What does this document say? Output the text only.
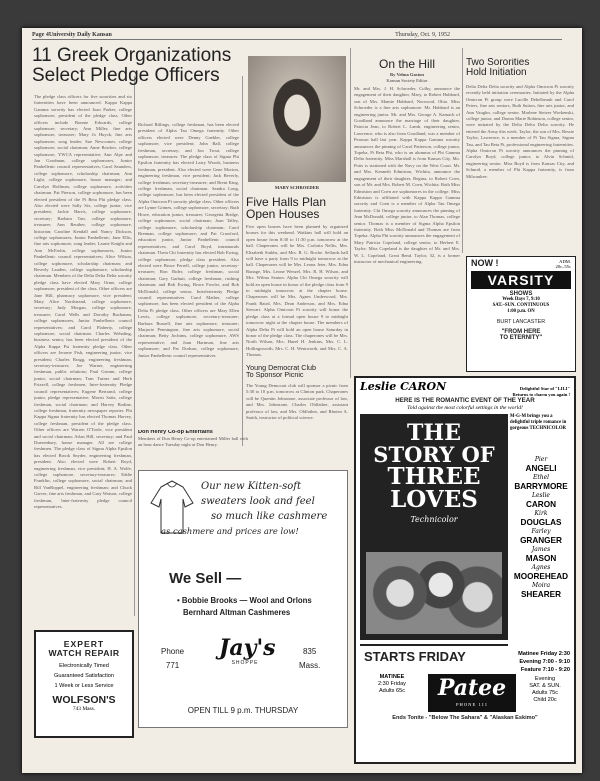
Page 4 University Daily Kansan	Thursday, Oct. 9, 1952
11 Greek Organizations
Select Pledge Officers
The pledge class officers for five sororities and six fraternities have been announced. Kappa Kappa Gamma sorority has elected Joan Parker, college sophomore, president of the pledge class. Other officers include Bonnie Edwards, college sophomore, secretary; Ann Miller, fine arts sophomore, treasurer; Mary Jo Huyck, fine arts sophomore, song leader; Sue Newcomer, college sophomore, social chairman; Anne Bowker, college sophomore, YWCA representative; Ann Alpe and Jan Goodman, college sophomores, Junior Panhellenic council representatives; Carol Saunders, college sophomore, scholarship chairman; Ann Light, college sophomore, house manager; and Carolyn Hoffman, college sophomore, activities chairman. Pat Pierson, college sophomore, has been elected president of the Pi Beta Phi pledge class. Also elected were Sally Six, college junior, vice president; Jackie Harris, college sophomore, secretary; Barbara Tarr, college sophomore, treasurer; Ann Reuther, college sophomore, historian; Caroline Kendall and Nancy Dickson, college sophomores, Junior Panhellenic; Jane Ellis, fine arts sophomore, song leader; Laurie Knight and Ann McFarlin, college sophomores, Junior Panhellenic council representatives; Alice Wilson, college sophomore, scholarship chairman; and Beverly Lauden, college sophomore, scholarship chairman. Members of the Delta Delta Delta sorority pledge class have elected Mary Orme, college sophomore, president of the class. Other officers are Jane Hill, pharmacy sophomore, vice president; Mary Alice Nordstrand, college sophomore, secretary; Judy Morgan, college sophomore, treasurer; Carol Wells and Dorothy Buchanan, college sophomores, Junior Panhellenic council representatives; and Carol Flaherty, college sophomore, social chairman. Charles Wehaling, business senior, has been elected president of the Alpha Kappa Psi fraternity pledge class. Other officers are Jerome Fish, engineering junior, vice president; Charles Bragg, engineering freshman, secretary-treasurer; Joe Warner, engineering freshman, public relations; Paul Grimm, college junior, social chairman; Tom Turner and Herb Frizzell, college freshmen, Inter-fraternity Pledge council representatives; Eugene Bertrand, college junior, pledge representative; Morris Saitz, college freshman, social chairman; and Harvey Bodine, college freshman, fraternity newspaper reporter. Phi Kappa Sigma fraternity has elected Thomas Harvey, college freshman, president of the pledge class. Other officers are Warren O'Toole, vice president and social chairman; Arlan Hill, secretary; and Paul Duesenbury, house manager. All are college freshmen. The pledge class of Sigma Alpha Epsilon has elected Brook Snyder, engineering freshman, president. Also elected were Robert Boyd, engineering freshman, vice president; H. A. Wolfe, college sophomore, secretary-treasurer; Eddie Franklin, college sophomore, social chairman; and Bill VanRoppel, engineering freshman; and Chuck Garver, fine arts freshman, and Gary Watson, college freshman, Inter-fraternity pledge council representatives.
Richard Billings, college freshman, has been elected president of Alpha Tau Omega fraternity. Other officers elected were Denny Gaebler, college sophomore, vice president; John Ball, college freshman, secretary; and Jon Trout, college sophomore, treasurer. The pledge class of Sigma Phi Epsilon fraternity has elected Larry Woods, business freshman, president. Also elected were Gene Morton, engineering freshman, vice president; Jack Beverly, college freshman, secretary-treasurer; and Brent King, college freshman, social chairman. Sandra Long, college sophomore, has been elected president of the Alpha Omicron Pi sorority pledge class. Other officers are Lynne Grimes, college sophomore, secretary; Ruth Howe, education junior, treasurer; Georgetta Bridge, college sophomore, social chairman; Joan Talley, college sophomore, scholarship chairman; Carol Brennan, college sophomore; and Pat Crawford, education junior, Junior Panhellenic council representatives, and Carol Boyd, intramurals chairman. Theta Chi fraternity has elected Bob Ewing, college sophomore, pledge class president. Also elected were Bruce Ferrell, college junior, secretary-treasurer; Ron Rider, college freshman, social chairman; Gary Garbutt, college freshman, rushing chairman; and Bob Ewing, Bruce Fowler, and Bob McDonald, college senior, Interfraternity Pledge council representatives. Carol Mather, college sophomore, has been elected president of the Alpha Delta Pi pledge class. Other officers are Mary Ellen Lewis, college sophomore, secretary-treasurer; Barbara Russell, fine arts sophomore, treasurer; Marjorie Pennington, fine arts sophomore, social chairman; Betty Jochims, college sophomore, AWS representative; and Joan Hartman, fine arts sophomore; and Pat Dodson, college sophomore, Junior Panhellenic council representatives.
MARY SCHROEDER
Five Halls Plan
Open Houses
Five open houses have been planned by organized houses for this weekend. Watkins hall will hold an open house from 8:30 to 11:30 p.m. tomorrow at the hall. Chaperones will be Mrs. Corlotta Nellis, Mrs. Elizabeth Stubbs, and Mrs. R. G. Roche. Sellards hall will have a party from 9 to midnight tomorrow at the hall. Chaperones will be Mrs. Leona Jeter, Mrs. Edna Runage, Mrs. Leone Wenzel, Mrs. R. H. Wilson, and Mrs. Wilma Seaton. Alpha Chi Omega sorority will hold an open house in honor of the pledge class from 9 to midnight tomorrow at the chapter house. Chaperones will be Mrs. Agnes Underwood, Mrs. Frank Baird, Mrs. Dean Anderson, and Mrs. Edna Stewart. Alpha Omicron Pi sorority will honor the pledge class at a formal open house 9 to midnight tomorrow night at the chapter house. The members of Alpha Delta Pi will hold an open house Saturday in honor of the pledge class. The chaperones will be Mrs. North Wilson, Mrs. Hazel H. Jenkins, Mrs. C. L. Hollingsworth, Mrs. C. H. Wentworth, and Mrs. C. A. Thomas.
Young Democrat Club
To Sponsor Picnic
The Young Democrat club will sponsor a picnic from 5:30 to 10 p.m. tomorrow at Clinton park. Chaperones will be Quentin Johnstone, associate professor of law, and Mrs. Johnstone, Charles Oldfather, assistant professor of law, and Mrs. Oldfather, and Rhoten A. Smith, instructor of political science.
Don Henry Co-op Entertains
Members of Don Henry Co-op entertained Miller hall with an hour dance Tuesday night at Don Henry.
On the Hill
By Velma Gaston
Kansan Society Editor
Mr. and Mrs. J. H. Schroeder, Colby, announce the engagement of their daughter, Mary, to Robert Hubbard, son of Mrs. Mamie Hubbard, Norwood, Ohio. Miss Schroeder is a fine arts sophomore. Mr. Hubbard is an engineering junior. Mr. and Mrs. George A. Kamach of Goodland announce the marriage of their daughter, Patricia Jean, to Robert L. Lamb, engineering senior, Lawrence, who is also from Goodland, was a member of Pearson hall last year. Kappa Kappa Gamma sorority announces the pinning of Carol Patterson, college junior, Topeka, Pi Beta Phi, who is an alumnus of Phi Gamma Delta fraternity. Miss Marshall is from Kansas City, Mo. Potts is stationed with the Navy on the West Coast. Mr. and Mrs. Kenneth Edmiston, Wichita, announce the engagement of their daughter, Regina, to Robert Coen, son of Mr. and Mrs. Robert M. Coen, Wichita. Both Miss Edmiston and Coen are sophomores in the college. Miss Edmiston is affiliated with Kappa Kappa Gamma sorority and Coen is a member of Alpha Tau Omega fraternity. Chi Omega sorority announces the pinning of Jean McDonald, college junior, to Alan Thomas, college senior. Thomas is a member of Sigma Alpha Epsilon fraternity. Both Miss McDonald and Thomas are from Topeka. Alpha Phi sorority announces the engagement of Mary Patricia Copeland, college senior, to Herbert E. Taylor. Miss Copeland is the daughter of Mr. and Mrs. W. L. Copeland, Great Bend. Taylor, 32, is a former instructor of mechanical engineering.
Two Sororities
Hold Initiation
Delta Delta Delta sorority and Alpha Omicron Pi sorority recently held initiation ceremonies. Initiated by the Alpha Omicron Pi group were Lucille Debelbeauh and Carol Peters, fine arts seniors, Ruth Sutton, fine arts junior, and Ann Vaughn, college senior. Marlene Stetzer Workenski, college junior, and Donna Marie Robinson, college senior, were initiated by the Delta Delta Delta sorority. He entered the Army this week. Taylor, the son of Mrs. Bessie Taylor, Lawrence, is a member of Pi Tau Sigma, Sigma Tau, and Tau Beta Pi, professional engineering fraternities. Alpha Omicron Pi sorority announces the pinning of Carolyn Boyd, college junior, to Alvin Schmid, engineering senior. Miss Boyd is from Kansas City, and Schmid, a member of Phi Kappa fraternity, is from Milwaukee.
NOW !	ADM.
20c–55c
VARSITY
SHOWS
Week Days 7, 9:10
SAT.–SUN. CONTINUOUS
1:00 p.m. ON
BURT LANCASTER
"FROM HERE
TO ETERNITY"
Our new Kitten-soft
sweaters look and feel
so much like cashmere
as cashmere and prices are low!
We Sell —
• Bobbie Brooks — Wool and Orlons
Bernhard Altman Cashmeres
Phone
771
Jay's
SHOPPE
835
Mass.
OPEN TILL 9 p.m. THURSDAY
EXPERT
WATCH REPAIR
Electronically Timed
Guaranteed Satisfaction
1 Week or Less Service
WOLFSON'S
743 Mass.
Leslie CARON	Delightful Star of "LILI"
Returns to charm you again !
HERE IS THE ROMANTIC EVENT OF THE YEAR
Told against the most colorful settings in the world!
THE
STORY OF
THREE
LOVES
Technicolor
M-G-M brings you a delightful triple romance in gorgeous TECHNICOLOR
Pier
ANGELI
Ethel
BARRYMORE
Leslie
CARON
Kirk
DOUGLAS
Farley
GRANGER
James
MASON
Agnes
MOOREHEAD
Moira
SHEARER
STARTS FRIDAY
MATINEE
2:30 Friday
Adults 65c	Patee
PHONE 111
Matinee Friday 2:30
Evening 7:00 - 9:10
Feature 7:10 - 9:20
Evening
SAT. & SUN.
Adults 75c
Child 20c
Ends Tonite - "Below The Sahara" & "Alaskan Eskimo"
